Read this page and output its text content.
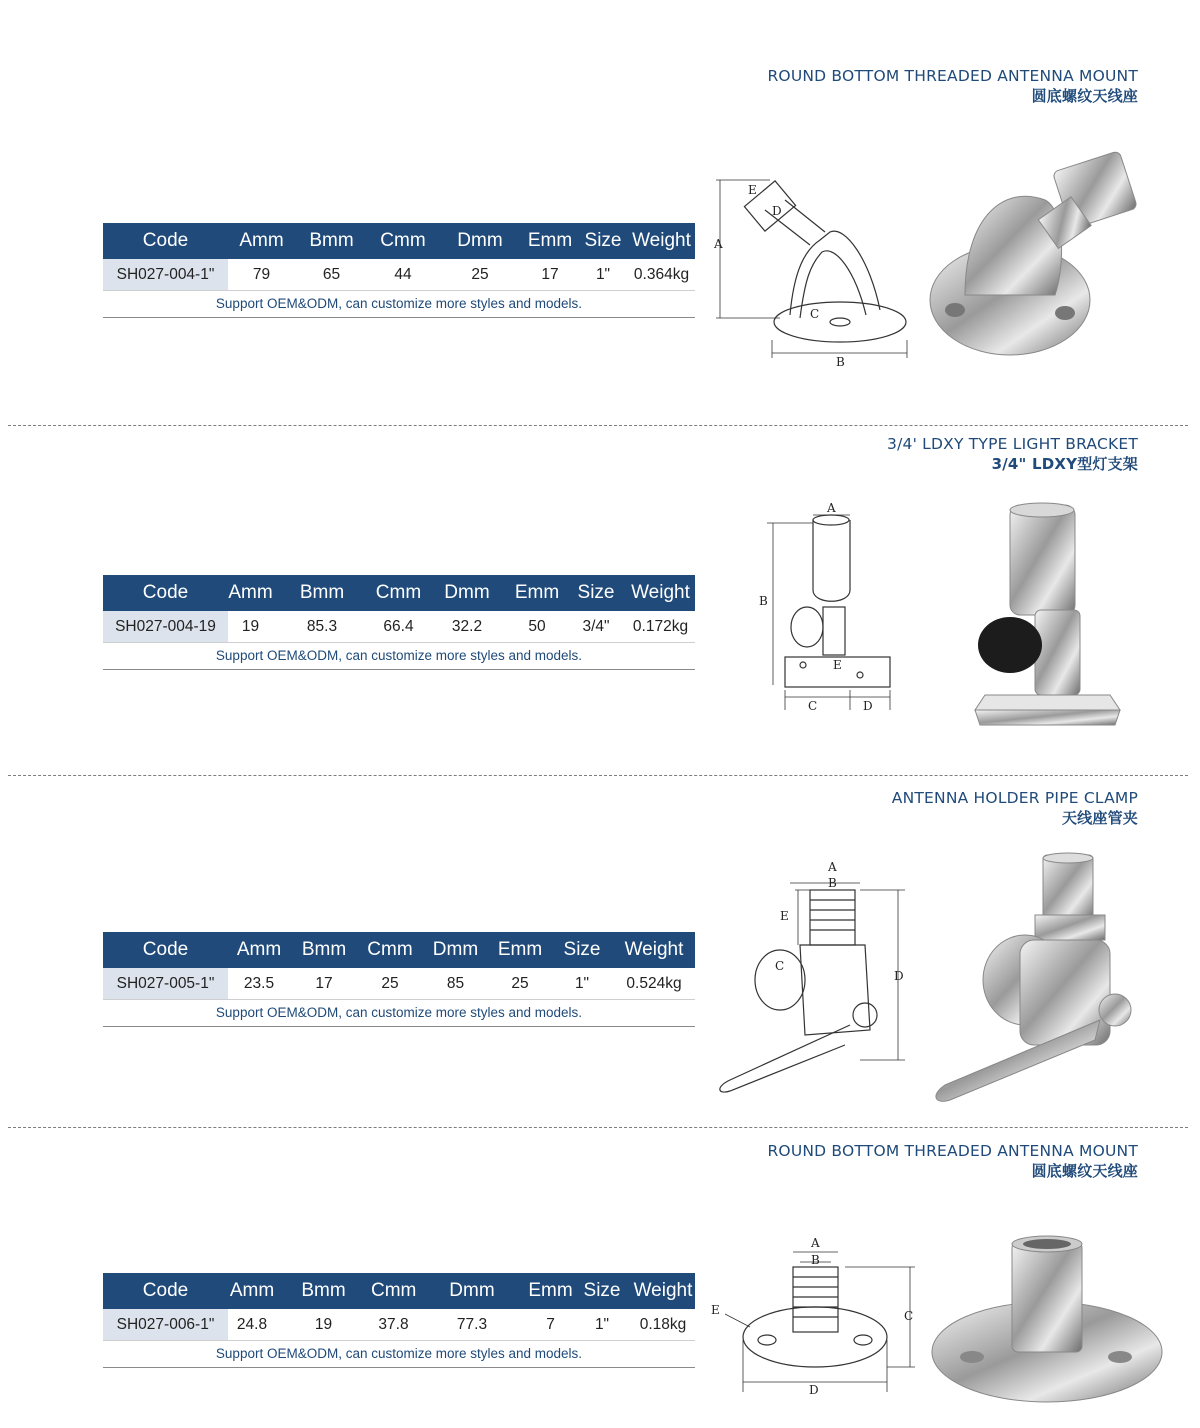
ROUND BOTTOM THREADED ANTENNA MOUNT
圆底螺纹天线座
Code	Amm	Bmm	Cmm	Dmm	Emm	Size	Weight
SH027-004-1"	79	65	44	25	17	1"	0.364kg
Support OEM&ODM, can customize more styles and models.
A
B
C
D
E
3/4' LDXY TYPE LIGHT BRACKET
3/4" LDXY型灯支架
Code	Amm	Bmm	Cmm	Dmm	Emm	Size	Weight
SH027-004-19	19	85.3	66.4	32.2	50	3/4"	0.172kg
Support OEM&ODM, can customize more styles and models.
A
B
C	D
E
ANTENNA HOLDER PIPE CLAMP
天线座管夹
Code	Amm	Bmm	Cmm	Dmm	Emm	Size	Weight
SH027-005-1"	23.5	17	25	85	25	1"	0.524kg
Support OEM&ODM, can customize more styles and models.
A
B
C
D
E
ROUND BOTTOM THREADED ANTENNA MOUNT
圆底螺纹天线座
Code	Amm	Bmm	Cmm	Dmm	Emm	Size	Weight
SH027-006-1"	24.8	19	37.8	77.3	7	1"	0.18kg
Support OEM&ODM, can customize more styles and models.
A
B
C
D
E
